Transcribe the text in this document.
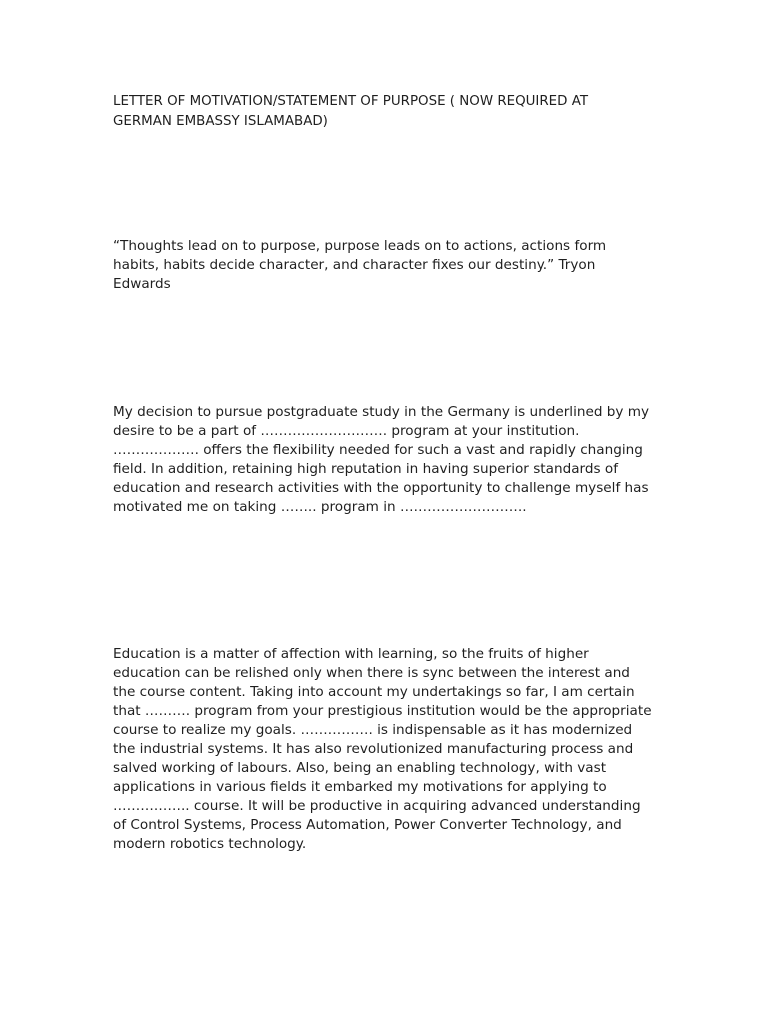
LETTER OF MOTIVATION/STATEMENT OF PURPOSE ( NOW REQUIRED AT GERMAN EMBASSY ISLAMABAD)

“Thoughts lead on to purpose, purpose leads on to actions, actions form habits, habits decide character, and character fixes our destiny.” Tryon Edwards

My decision to pursue postgraduate study in the Germany is underlined by my desire to be a part of ………………………. program at your institution. ………………. offers the flexibility needed for such a vast and rapidly changing field. In addition, retaining high reputation in having superior standards of education and research activities with the opportunity to challenge myself has motivated me on taking …….. program in ……………………….

Education is a matter of affection with learning, so the fruits of higher education can be relished only when there is sync between the interest and the course content. Taking into account my undertakings so far, I am certain that ………. program from your prestigious institution would be the appropriate course to realize my goals. ……………. is indispensable as it has modernized the industrial systems. It has also revolutionized manufacturing process and salved working of labours. Also, being an enabling technology, with vast applications in various fields it embarked my motivations for applying to …………….. course. It will be productive in acquiring advanced understanding of Control Systems, Process Automation, Power Converter Technology, and modern robotics technology.
